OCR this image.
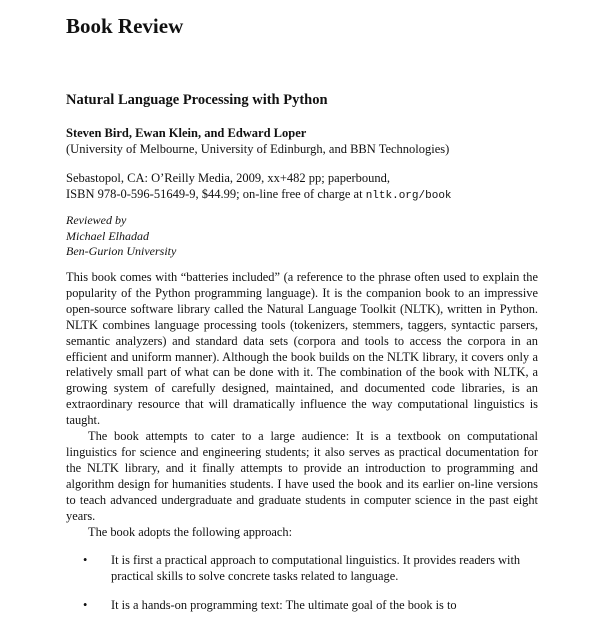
Book Review
Natural Language Processing with Python
Steven Bird, Ewan Klein, and Edward Loper
(University of Melbourne, University of Edinburgh, and BBN Technologies)
Sebastopol, CA: O’Reilly Media, 2009, xx+482 pp; paperbound,
ISBN 978-0-596-51649-9, $44.99; on-line free of charge at nltk.org/book
Reviewed by
Michael Elhadad
Ben-Gurion University

This book comes with “batteries included” (a reference to the phrase often used to explain the popularity of the Python programming language). It is the companion book to an impressive open-source software library called the Natural Language Toolkit (NLTK), written in Python. NLTK combines language processing tools (tokenizers, stemmers, taggers, syntactic parsers, semantic analyzers) and standard data sets (corpora and tools to access the corpora in an efficient and uniform manner). Although the book builds on the NLTK library, it covers only a relatively small part of what can be done with it. The combination of the book with NLTK, a growing system of carefully designed, maintained, and documented code libraries, is an extraordinary resource that will dramatically influence the way computational linguistics is taught.

The book attempts to cater to a large audience: It is a textbook on computational linguistics for science and engineering students; it also serves as practical documentation for the NLTK library, and it finally attempts to provide an introduction to programming and algorithm design for humanities students. I have used the book and its earlier on-line versions to teach advanced undergraduate and graduate students in computer science in the past eight years.

The book adopts the following approach:

• It is first a practical approach to computational linguistics. It provides readers with practical skills to solve concrete tasks related to language.
• It is a hands-on programming text: The ultimate goal of the book is to
